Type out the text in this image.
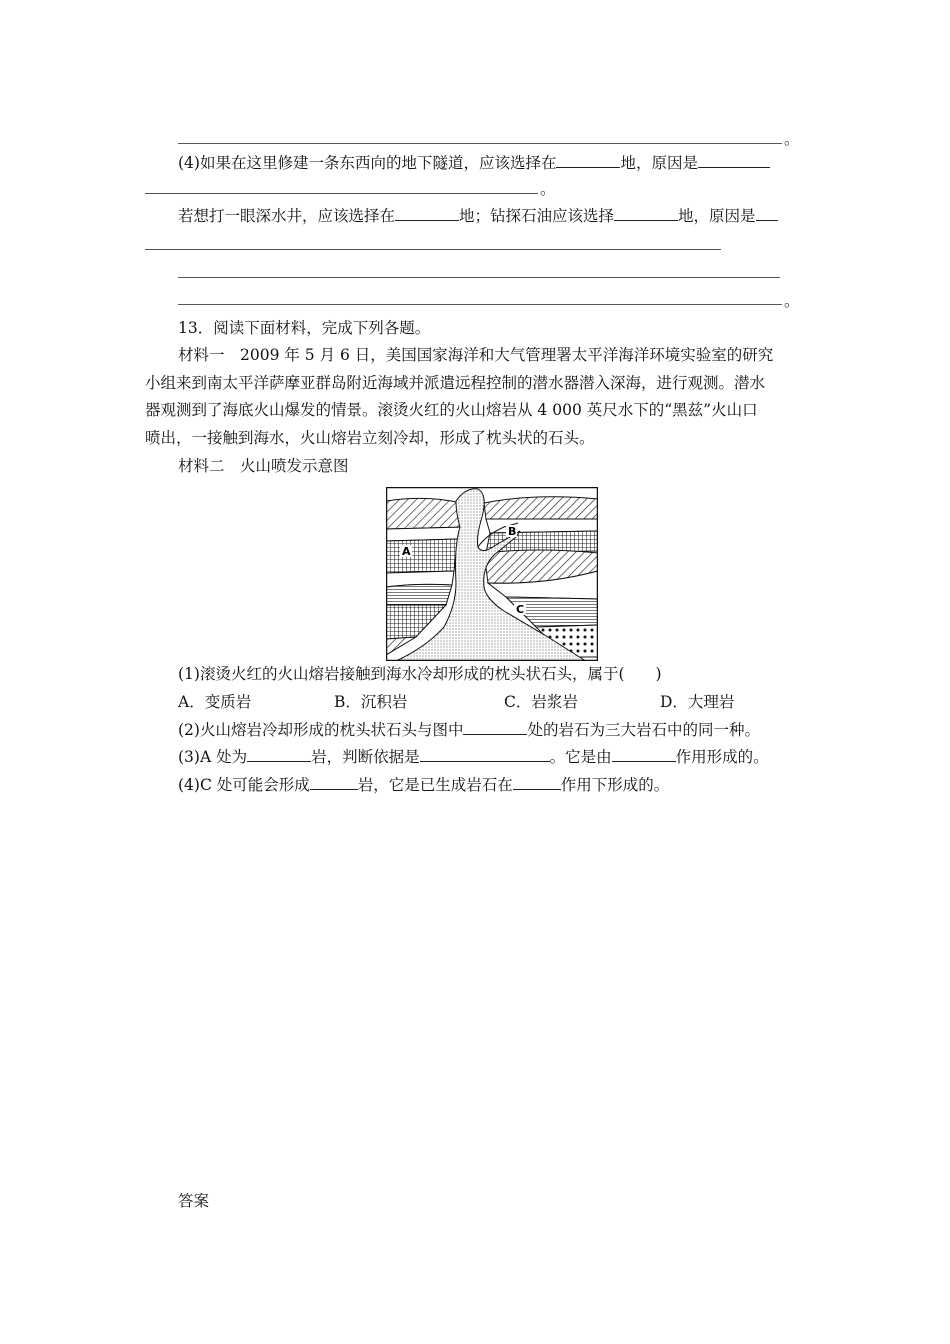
。
(4)如果在这里修建一条东西向的地下隧道，应该选择在	地，原因是
。
若想打一眼深水井，应该选择在	地；钻探石油应该选择	地，原因是
。
13．阅读下面材料，完成下列各题。
材料一　2009 年 5 月 6 日，美国国家海洋和大气管理署太平洋海洋环境实验室的研究
小组来到南太平洋萨摩亚群岛附近海域并派遣远程控制的潜水器潜入深海，进行观测。潜水
器观测到了海底火山爆发的情景。滚烫火红的火山熔岩从 4 000 英尺水下的“黑兹”火山口
喷出，一接触到海水，火山熔岩立刻冷却，形成了枕头状的石头。
材料二　火山喷发示意图
A
B
C
(1)滚烫火红的火山熔岩接触到海水冷却形成的枕头状石头，属于(　　)
A．变质岩	B．沉积岩	C．岩浆岩	D．大理岩
(2)火山熔岩冷却形成的枕头状石头与图中	处的岩石为三大岩石中的同一种。
(3)A 处为	岩，判断依据是	。它是由	作用形成的。
(4)C 处可能会形成	岩，它是已生成岩石在	作用下形成的。
答案
